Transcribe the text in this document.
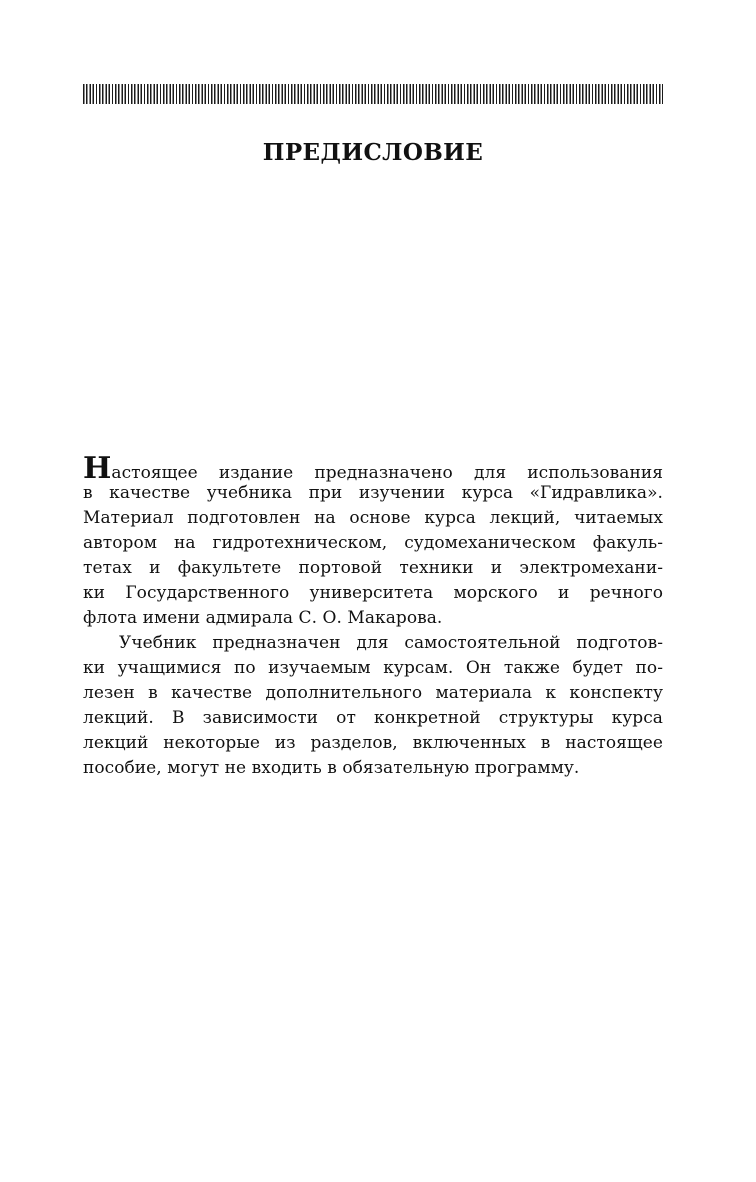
ПРЕДИСЛОВИЕ
Настоящее издание предназначено для использования
в качестве учебника при изучении курса «Гидравлика».
Материал подготовлен на основе курса лекций, читаемых
автором на гидротехническом, судомеханическом факуль-
тетах и факультете портовой техники и электромехани-
ки Государственного университета морского и речного
флота имени адмирала С. О. Макарова.
Учебник предназначен для самостоятельной подготов-
ки учащимися по изучаемым курсам. Он также будет по-
лезен в качестве дополнительного материала к конспекту
лекций. В зависимости от конкретной структуры курса
лекций некоторые из разделов, включенных в настоящее
пособие, могут не входить в обязательную программу.
